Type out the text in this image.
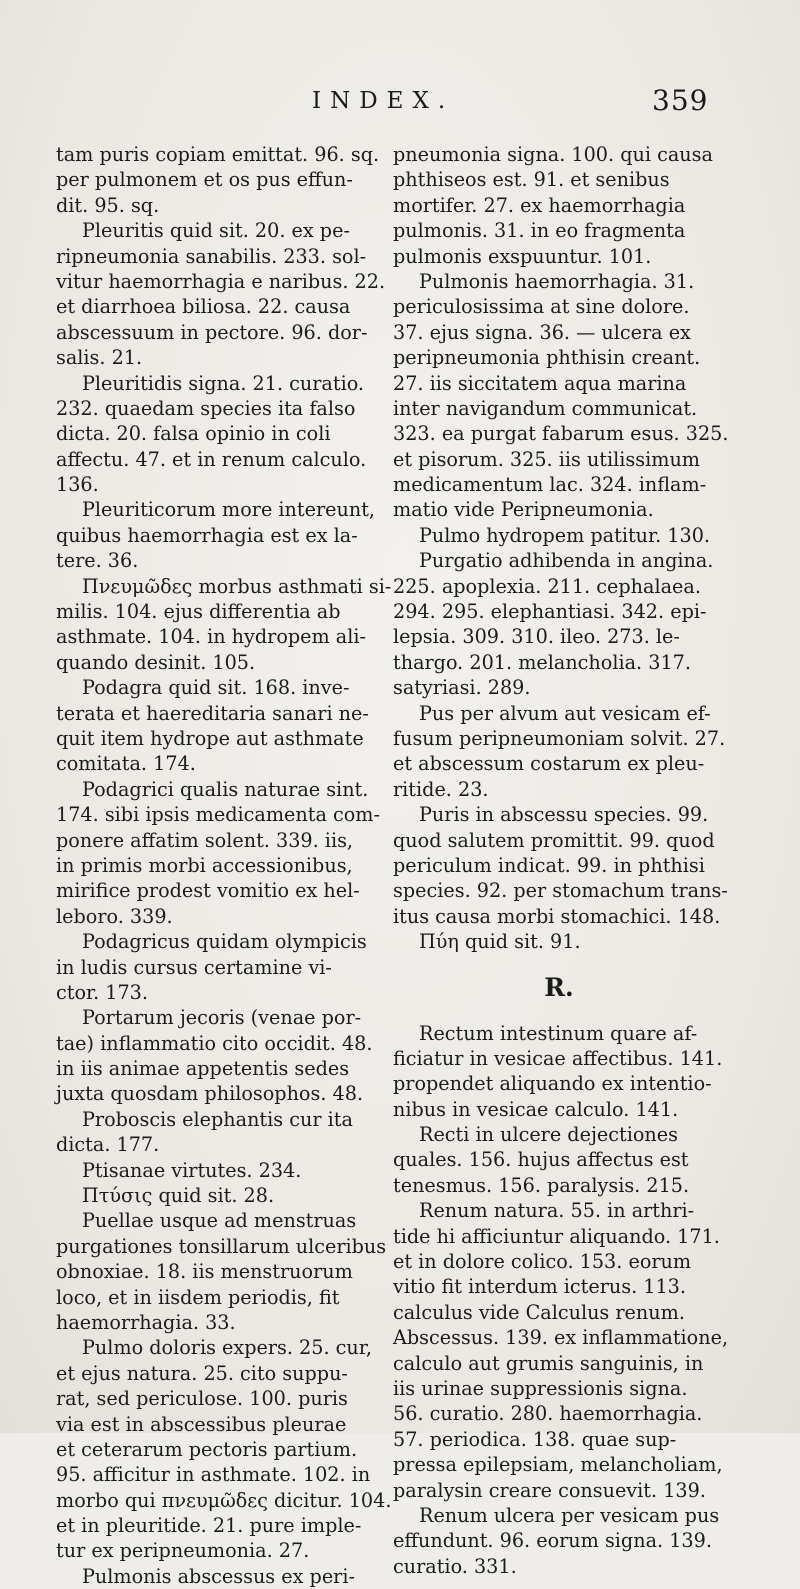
INDEX.	359
tam puris copiam emittat. 96. sq.
per pulmonem et os pus effun-
dit. 95. sq.
Pleuritis quid sit. 20. ex pe-
ripneumonia sanabilis. 233. sol-
vitur haemorrhagia e naribus. 22.
et diarrhoea biliosa. 22. causa
abscessuum in pectore. 96. dor-
salis. 21.
Pleuritidis signa. 21. curatio.
232. quaedam species ita falso
dicta. 20. falsa opinio in coli
affectu. 47. et in renum calculo.
136.
Pleuriticorum more intereunt,
quibus haemorrhagia est ex la-
tere. 36.
Πνευμῶδες morbus asthmati si-
milis. 104. ejus differentia ab
asthmate. 104. in hydropem ali-
quando desinit. 105.
Podagra quid sit. 168. inve-
terata et haereditaria sanari ne-
quit item hydrope aut asthmate
comitata. 174.
Podagrici qualis naturae sint.
174. sibi ipsis medicamenta com-
ponere affatim solent. 339. iis,
in primis morbi accessionibus,
mirifice prodest vomitio ex hel-
leboro. 339.
Podagricus quidam olympicis
in ludis cursus certamine vi-
ctor. 173.
Portarum jecoris (venae por-
tae) inflammatio cito occidit. 48.
in iis animae appetentis sedes
juxta quosdam philosophos. 48.
Proboscis elephantis cur ita
dicta. 177.
Ptisanae virtutes. 234.
Πτύσις quid sit. 28.
Puellae usque ad menstruas
purgationes tonsillarum ulceribus
obnoxiae. 18. iis menstruorum
loco, et in iisdem periodis, fit
haemorrhagia. 33.
Pulmo doloris expers. 25. cur,
et ejus natura. 25. cito suppu-
rat, sed periculose. 100. puris
via est in abscessibus pleurae
et ceterarum pectoris partium.
95. afficitur in asthmate. 102. in
morbo qui πνευμῶδες dicitur. 104.
et in pleuritide. 21. pure imple-
tur ex peripneumonia. 27.
Pulmonis abscessus ex peri-
pneumonia signa. 100. qui causa
phthiseos est. 91. et senibus
mortifer. 27. ex haemorrhagia
pulmonis. 31. in eo fragmenta
pulmonis exspuuntur. 101.
Pulmonis haemorrhagia. 31.
periculosissima at sine dolore.
37. ejus signa. 36. — ulcera ex
peripneumonia phthisin creant.
27. iis siccitatem aqua marina
inter navigandum communicat.
323. ea purgat fabarum esus. 325.
et pisorum. 325. iis utilissimum
medicamentum lac. 324. inflam-
matio vide Peripneumonia.
Pulmo hydropem patitur. 130.
Purgatio adhibenda in angina.
225. apoplexia. 211. cephalaea.
294. 295. elephantiasi. 342. epi-
lepsia. 309. 310. ileo. 273. le-
thargo. 201. melancholia. 317.
satyriasi. 289.
Pus per alvum aut vesicam ef-
fusum peripneumoniam solvit. 27.
et abscessum costarum ex pleu-
ritide. 23.
Puris in abscessu species. 99.
quod salutem promittit. 99. quod
periculum indicat. 99. in phthisi
species. 92. per stomachum trans-
itus causa morbi stomachici. 148.
Πύη quid sit. 91.
R.
Rectum intestinum quare af-
ficiatur in vesicae affectibus. 141.
propendet aliquando ex intentio-
nibus in vesicae calculo. 141.
Recti in ulcere dejectiones
quales. 156. hujus affectus est
tenesmus. 156. paralysis. 215.
Renum natura. 55. in arthri-
tide hi afficiuntur aliquando. 171.
et in dolore colico. 153. eorum
vitio fit interdum icterus. 113.
calculus vide Calculus renum.
Abscessus. 139. ex inflammatione,
calculo aut grumis sanguinis, in
iis urinae suppressionis signa.
56. curatio. 280. haemorrhagia.
57. periodica. 138. quae sup-
pressa epilepsiam, melancholiam,
paralysin creare consuevit. 139.
Renum ulcera per vesicam pus
effundunt. 96. eorum signa. 139.
curatio. 331.
